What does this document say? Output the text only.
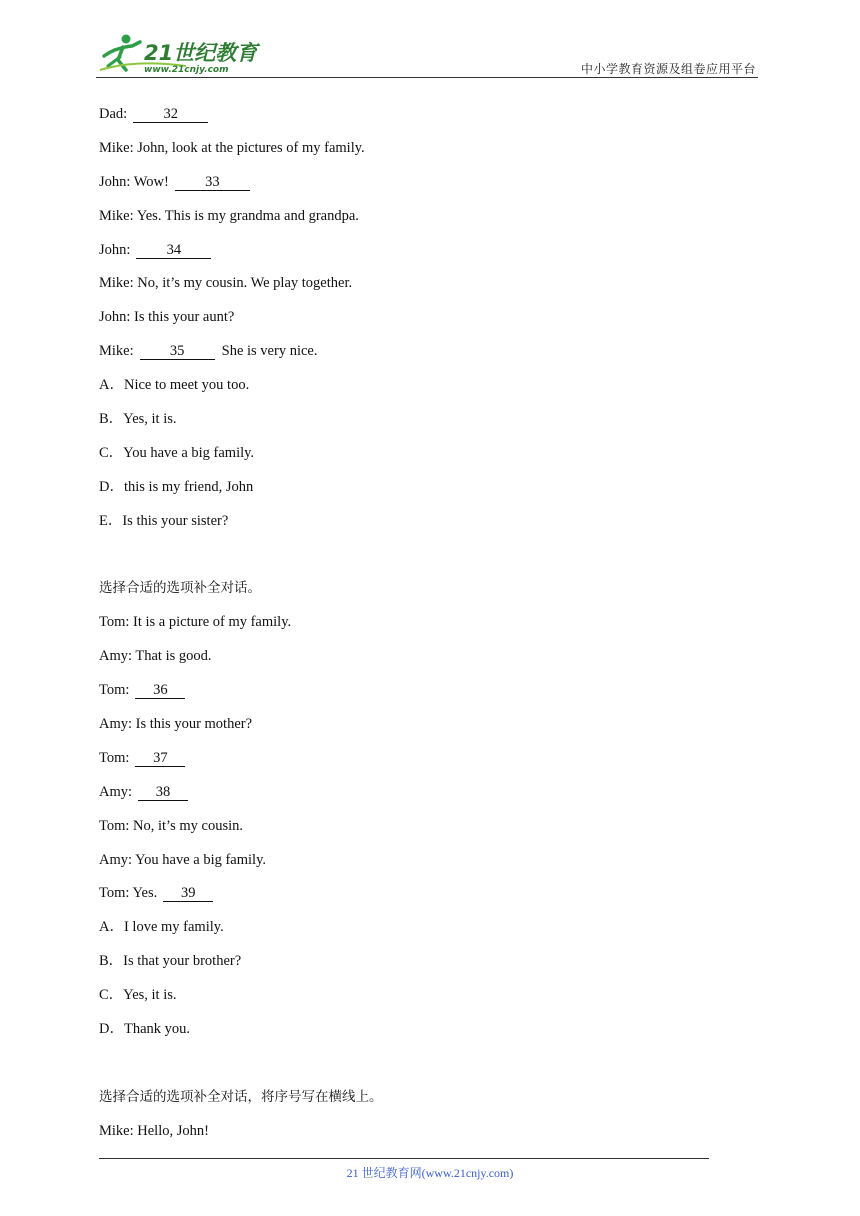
21世纪教育
www.21cnjy.com	中小学教育资源及组卷应用平台
Dad:	32
Mike: John, look at the pictures of my family.
John: Wow!	33
Mike: Yes. This is my grandma and grandpa.
John:	34
Mike: No, it’s my cousin. We play together.
John: Is this your aunt?
Mike:	35	She is very nice.
A．Nice to meet you too.
B．Yes, it is.
C．You have a big family.
D．this is my friend, John
E．Is this your sister?
选择合适的选项补全对话。
Tom: It is a picture of my family.
Amy: That is good.
Tom: 36
Amy: Is this your mother?
Tom: 37
Amy: 38
Tom: No, it’s my cousin.
Amy: You have a big family.
Tom: Yes. 39
A．I love my family.
B．Is that your brother?
C．Yes, it is.
D．Thank you.
选择合适的选项补全对话，将序号写在横线上。
Mike: Hello, John!
21 世纪教育网(www.21cnjy.com)
